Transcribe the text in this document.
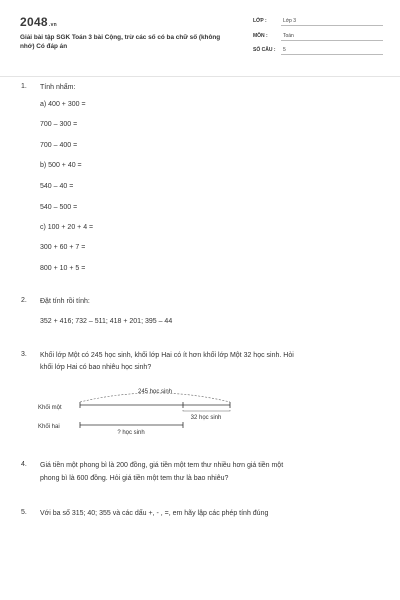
2048.vn
Giải bài tập SGK Toán 3 bài Cộng, trừ các số có ba chữ số (không nhớ) Có đáp án
LỚP :	Lớp 3
MÔN :	Toán
SỐ CÂU : 5
1. Tính nhẩm:
a) 400 + 300 =
700 – 300 =
700 – 400 =
b) 500 + 40 =
540 – 40 =
540 – 500 =
c) 100 + 20 + 4 =
300 + 60 + 7 =
800 + 10 + 5 =
2. Đặt tính rồi tính:
352 + 416; 732 – 511; 418 + 201; 395 – 44
3. Khối lớp Một có 245 học sinh, khối lớp Hai có ít hơn khối lớp Một 32 học sinh. Hỏi
khối lớp Hai có bao nhiêu học sinh?
245 học sinh
Khối một
32 học sinh
Khối hai
? học sinh
4. Giá tiền một phong bì là 200 đồng, giá tiền một tem thư nhiều hơn giá tiền một
phong bì là 600 đồng. Hỏi giá tiền một tem thư là bao nhiêu?
5. Với ba số 315; 40; 355 và các dấu +, - , =, em hãy lập các phép tính đúng
